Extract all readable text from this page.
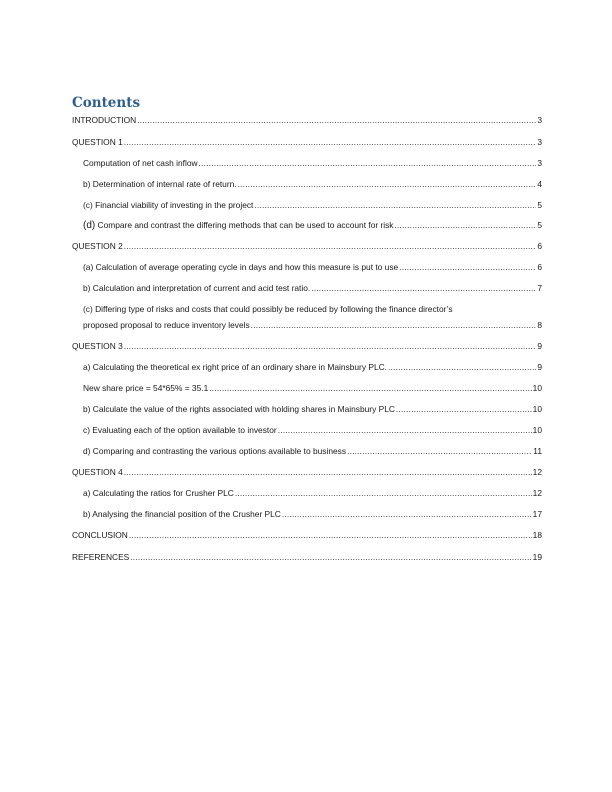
Contents
INTRODUCTION .....	3
QUESTION 1 .....	3
Computation of net cash inflow .....	3
b) Determination of internal rate of return. .....	4
(c) Financial viability of investing in the project .....	5
(d) Compare and contrast the differing methods that can be used to account for risk .....	5
QUESTION 2 .....	6
(a) Calculation of average operating cycle in days and how this measure is put to use .....	6
b) Calculation and interpretation of current and acid test ratio. .....	7
(c) Differing type of risks and costs that could possibly be reduced by following the finance director’s
proposed proposal to reduce inventory levels .....	8
QUESTION 3 .....	9
a) Calculating the theoretical ex right price of an ordinary share in Mainsbury PLC. .....	9
New share price = 54*65% = 35.1 .....	10
b) Calculate the value of the rights associated with holding shares in Mainsbury PLC .....	10
c) Evaluating each of the option available to investor .....	10
d) Comparing and contrasting the various options available to business .....	11
QUESTION 4 .....	12
a) Calculating the ratios for Crusher PLC .....	12
b) Analysing the financial position of the Crusher PLC .....	17
CONCLUSION .....	18
REFERENCES .....	19
